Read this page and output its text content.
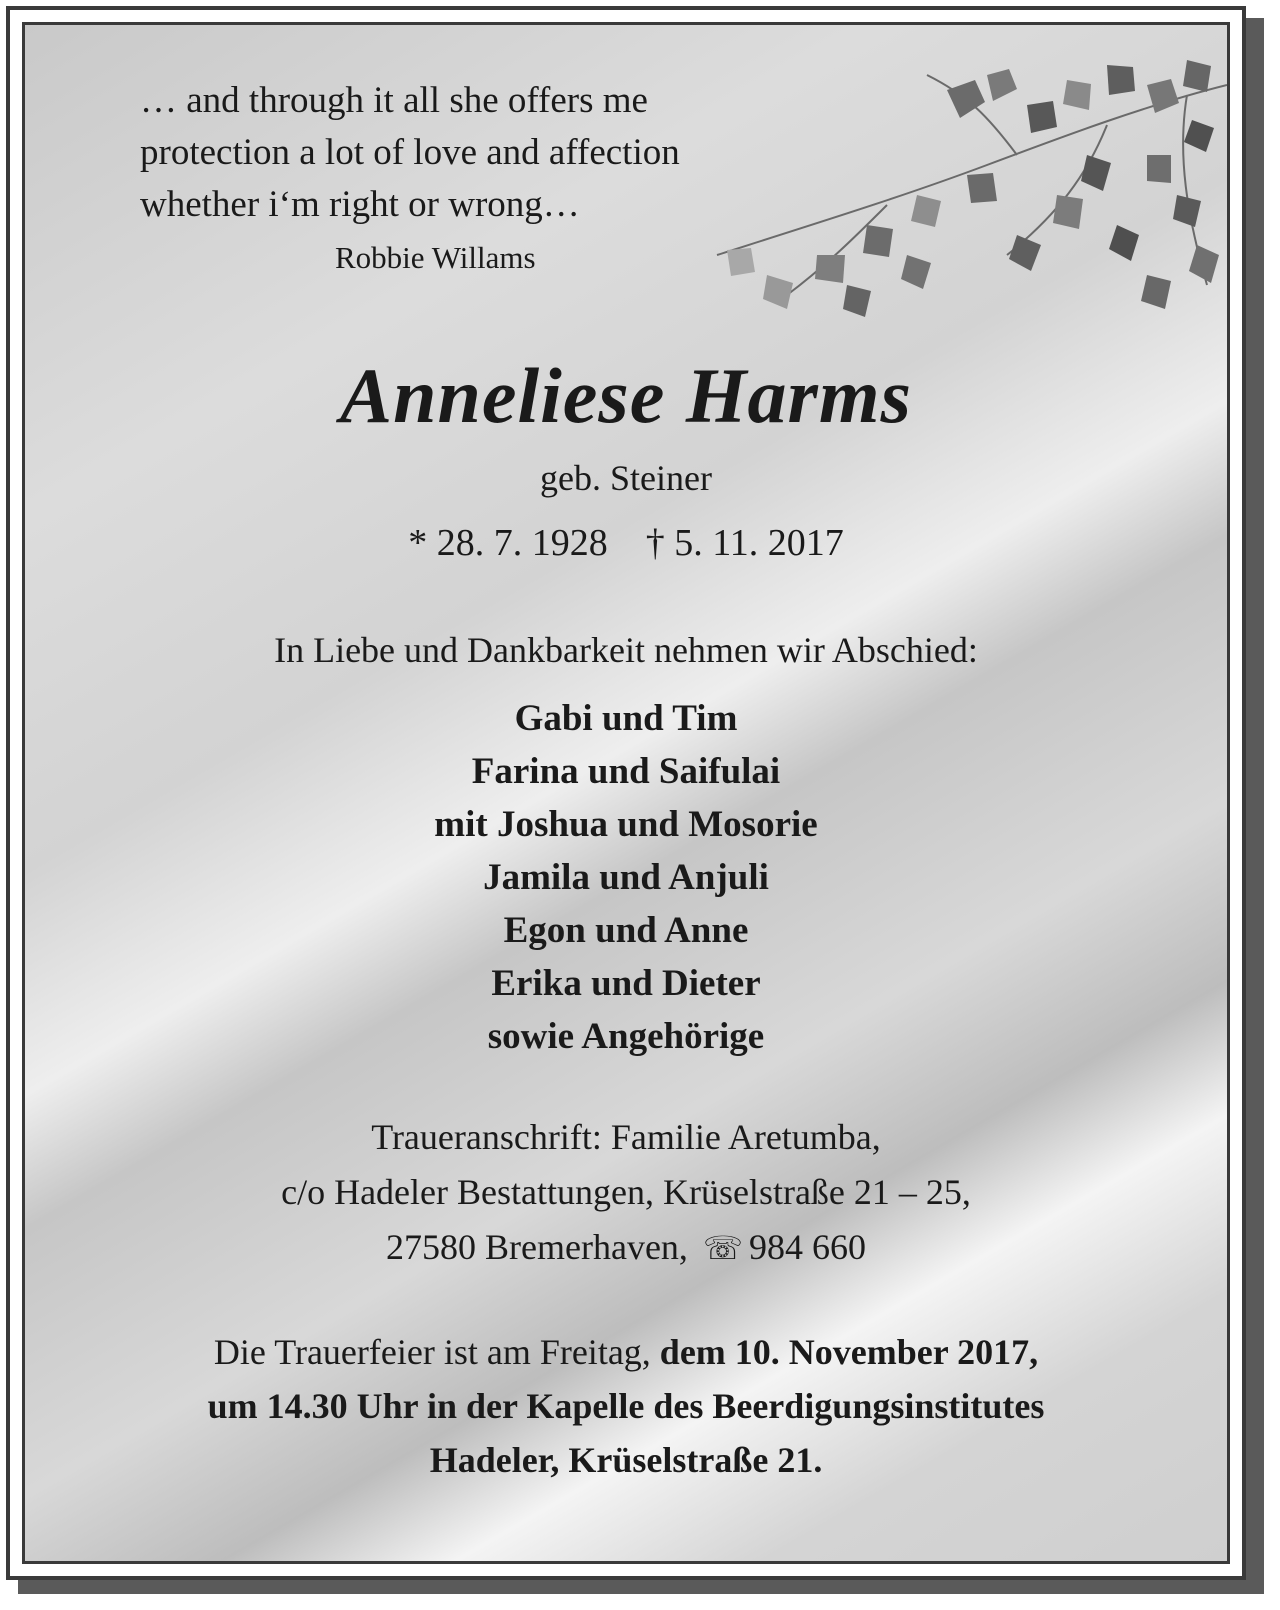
… and through it all she offers me
protection a lot of love and affection
whether i‘m right or wrong…
Robbie Willams
Anneliese Harms
geb. Steiner
* 28. 7. 1928 † 5. 11. 2017
In Liebe und Dankbarkeit nehmen wir Abschied:
Gabi und Tim
Farina und Saifulai
mit Joshua und Mosorie
Jamila und Anjuli
Egon und Anne
Erika und Dieter
sowie Angehörige
Traueranschrift: Familie Aretumba,
c/o Hadeler Bestattungen, Krüselstraße 21 – 25,
27580 Bremerhaven, ☏ 984 660
Die Trauerfeier ist am Freitag, dem 10. November 2017,
um 14.30 Uhr in der Kapelle des Beerdigungsinstitutes
Hadeler, Krüselstraße 21.
